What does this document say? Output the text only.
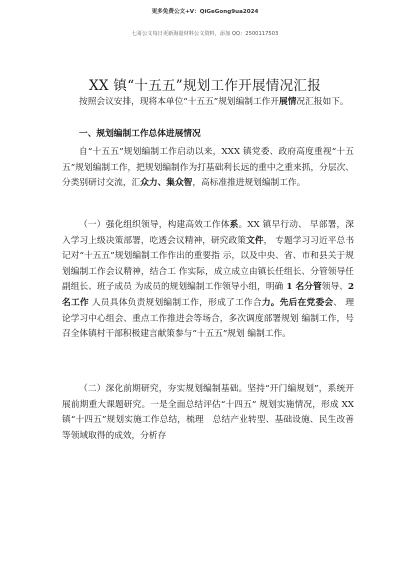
更多免费公文+V：QiGeGong9ua2024
七哥公文每日更新海量材料公文资料，添加 QQ：2500117503
XX 镇“十五五”规划工作开展情况汇报

按照会议安排，现将本单位“十五五”规划编制工作开展情况汇报如下。

一、规划编制工作总体进展情况

自“十五五”规划编制工作启动以来，XXX 镇党委、政府高度重视“十五五”规划编制工作，把规划编制作为打基础利长远的重中之重来抓，分层次、分类别研讨交流，汇众力、集众智，高标准推进规划编制工作。

（一）强化组织领导，构建高效工作体系。XX 镇早行动、 早部署，深入学习上级决策部署，吃透会议精神，研究政策文件， 专题学习习近平总书记对“十五五”规划编制工作作出的重要指 示，以及中央、省、市和县关于规划编制工作会议精神，结合工 作实际，成立成立由镇长任组长、分管领导任副组长、班子成员 为成员的规划编制工作领导小组，明确 1 名分管领导、2 名工作 人员具体负责规划编制工作，形成了工作合力。先后在党委会、 理论学习中心组会、重点工作推进会等场合，多次调度部署规划 编制工作，号召全体镇村干部积极建言献策参与“十五五”规划 编制工作。

（二）深化前期研究，夯实规划编制基础。坚持“开门编规划”，系统开展前期重大课题研究。一是全面总结评估“十四五” 规划实施情况，形成 XX 镇“十四五”规划实施工作总结，梳理　总结产业转型、基础设施、民生改善等领域取得的成效，分析存
